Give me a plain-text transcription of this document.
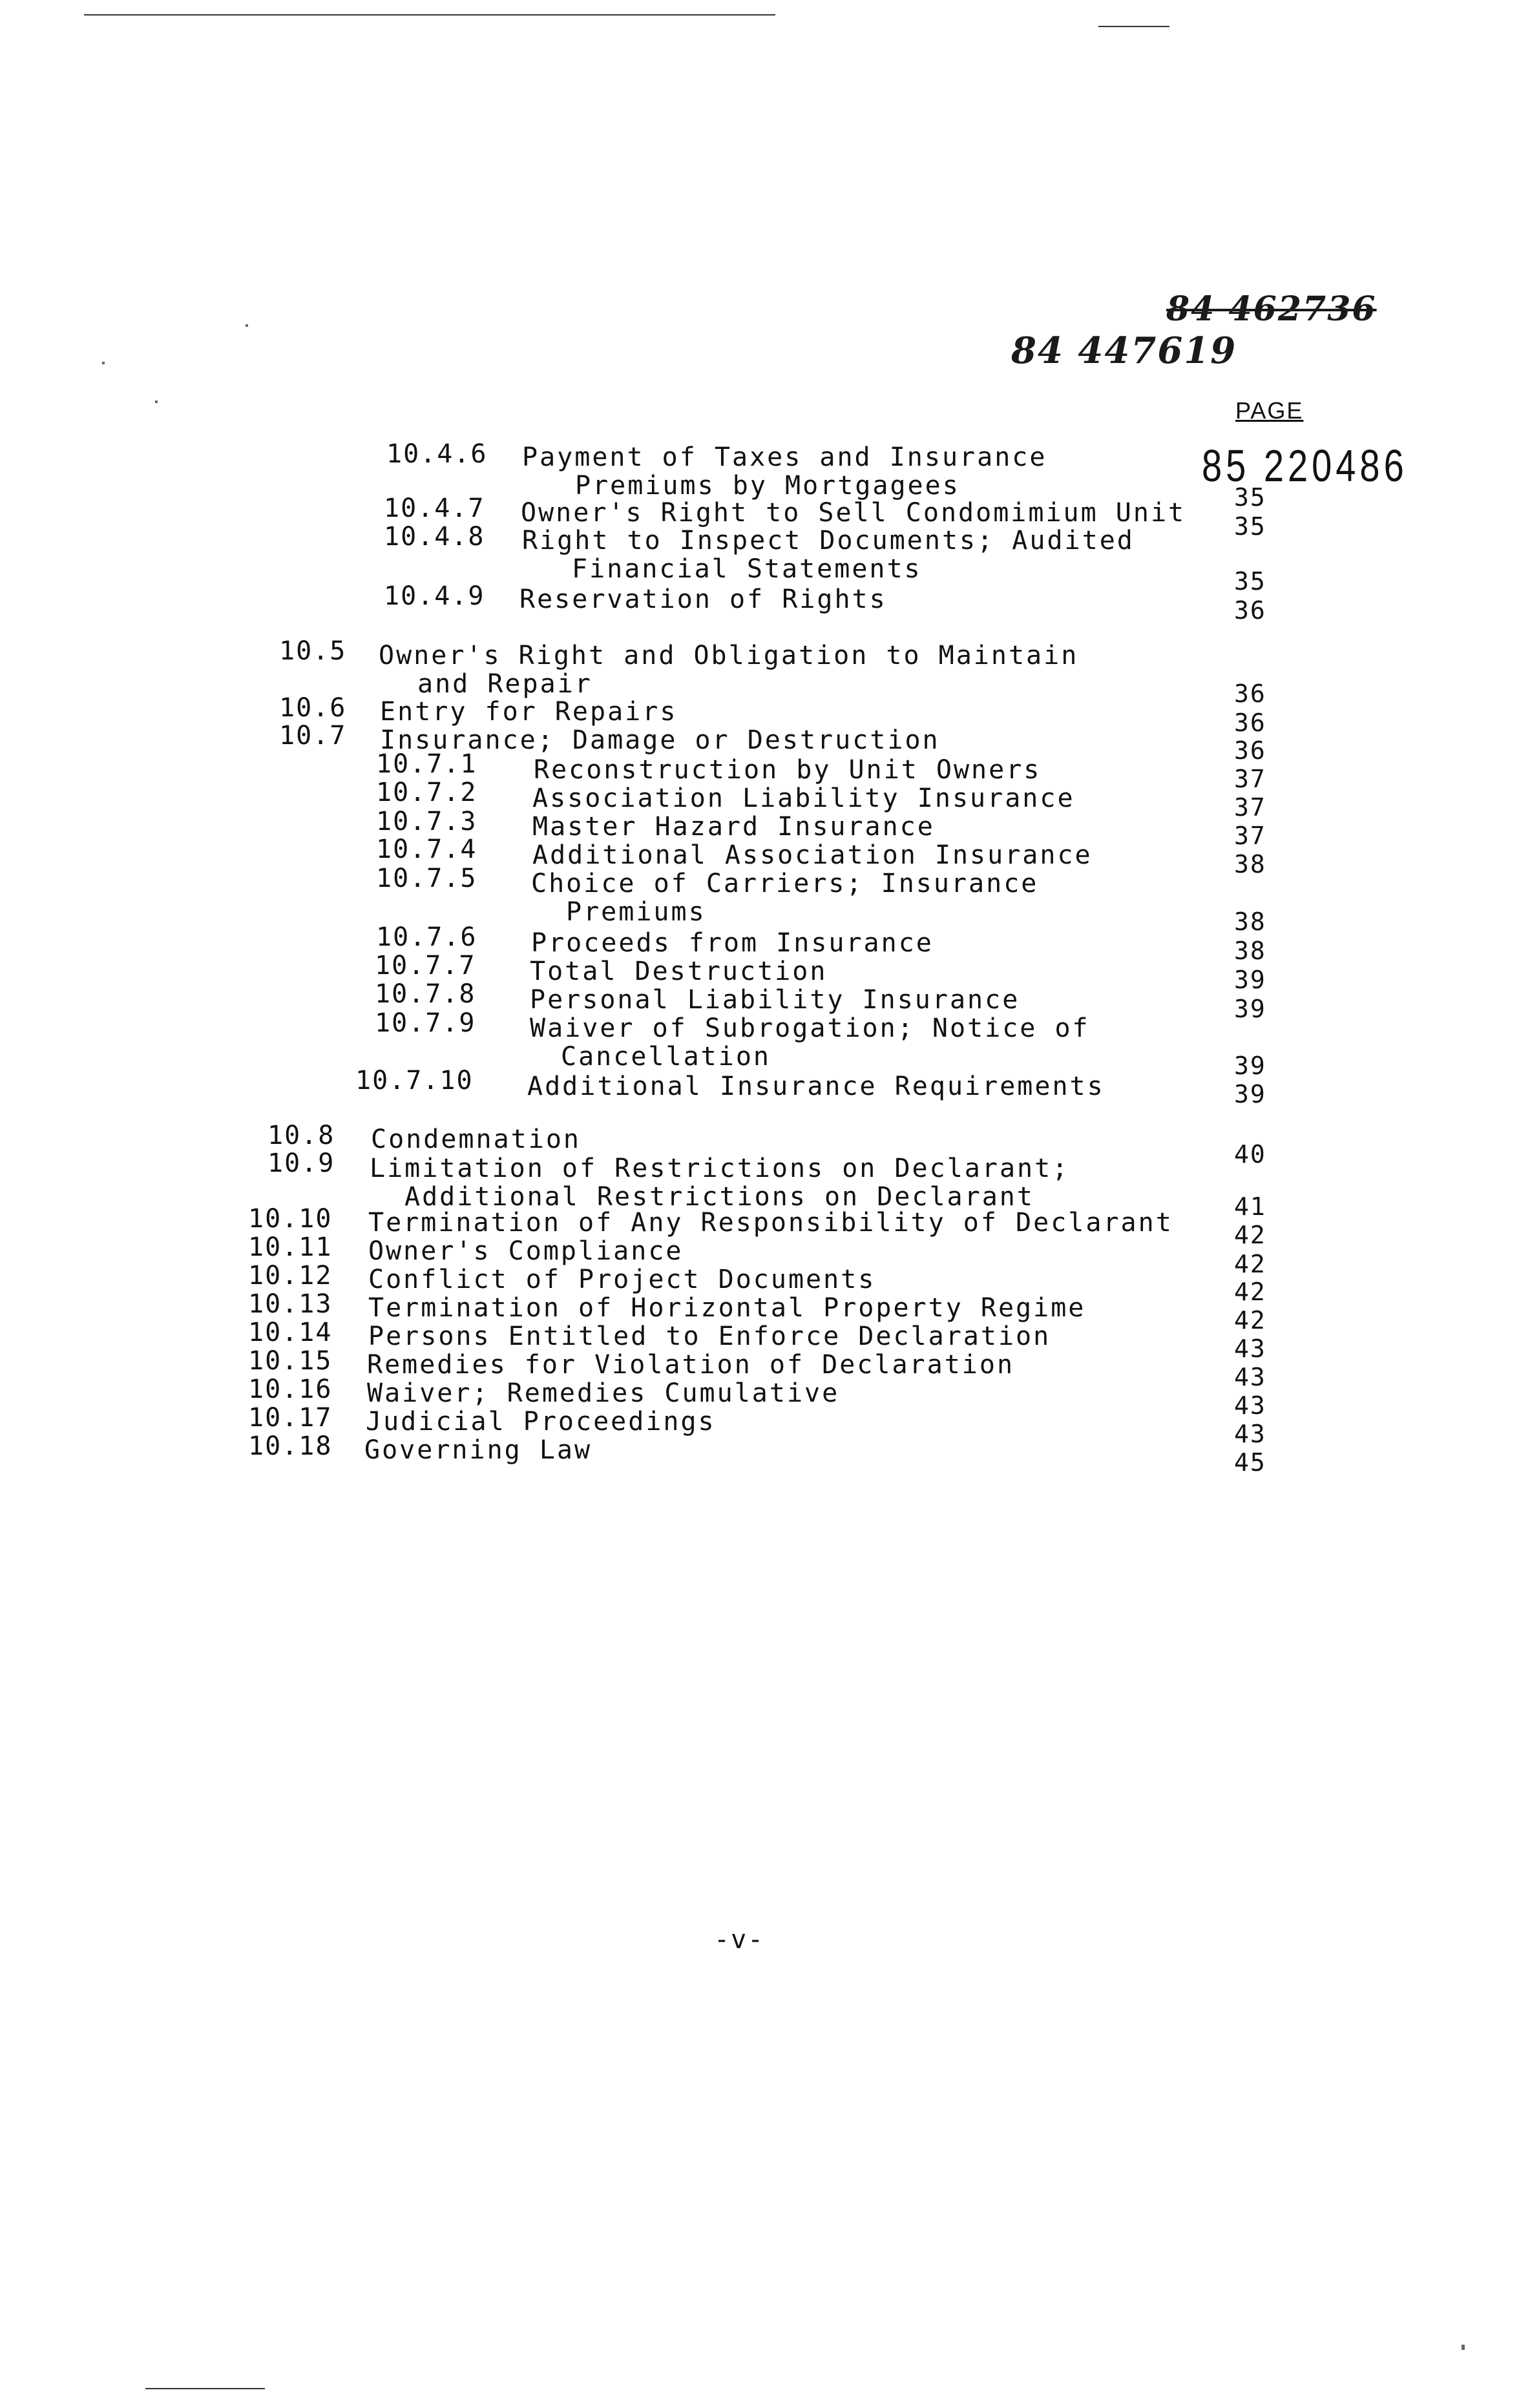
84 462736
84 447619
85 220486
PAGE
10.4.6 Payment of Taxes and Insurance
Premiums by Mortgagees	35
10.4.7 Owner's Right to Sell Condomimium Unit 35
10.4.8 Right to Inspect Documents; Audited
Financial Statements	35
10.4.9 Reservation of Rights	36
10.5 Owner's Right and Obligation to Maintain
and Repair	36
10.6 Entry for Repairs	36
10.7 Insurance; Damage or Destruction	36
10.7.1 Reconstruction by Unit Owners	37
10.7.2 Association Liability Insurance	37
10.7.3 Master Hazard Insurance	37
10.7.4 Additional Association Insurance	38
10.7.5 Choice of Carriers; Insurance
Premiums	38
10.7.6 Proceeds from Insurance	38
10.7.7 Total Destruction	39
10.7.8 Personal Liability Insurance	39
10.7.9 Waiver of Subrogation; Notice of
Cancellation	39
10.7.10 Additional Insurance Requirements	39
10.8 Condemnation	40
10.9 Limitation of Restrictions on Declarant;
Additional Restrictions on Declarant	41
10.10 Termination of Any Responsibility of Declarant 42
10.11 Owner's Compliance	42
10.12 Conflict of Project Documents	42
10.13 Termination of Horizontal Property Regime	42
10.14 Persons Entitled to Enforce Declaration	43
10.15 Remedies for Violation of Declaration	43
10.16 Waiver; Remedies Cumulative	43
10.17 Judicial Proceedings	43
10.18 Governing Law	45
-v-
